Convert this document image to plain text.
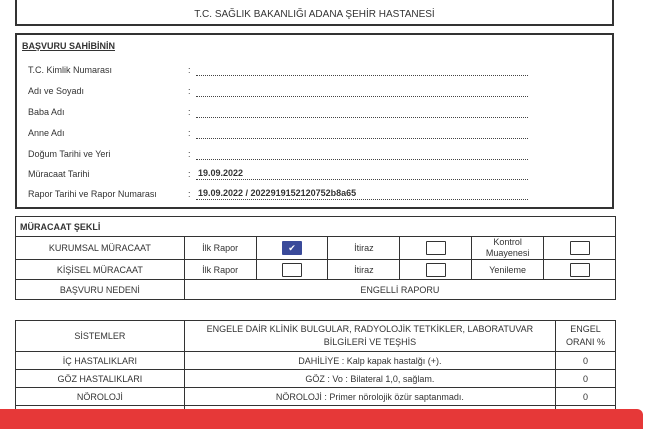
T.C. SAĞLIK BAKANLIĞI ADANA ŞEHİR HASTANESİ
BAŞVURU SAHİBİNİN
T.C. Kimlik Numarası	:
Adı ve Soyadı	:
Baba Adı	:
Anne Adı	:
Doğum Tarihi ve Yeri	:
Müracaat Tarihi	: 19.09.2022
Rapor Tarihi ve Rapor Numarası	: 19.09.2022 / 2022919152120752b8a65
MÜRACAAT ŞEKLİ						
KURUMSAL MÜRACAAT	İlk Rapor	✔	İtiraz		Kontrol Muayenesi	
KİŞİSEL MÜRACAAT	İlk Rapor		İtiraz		Yenileme	
BAŞVURU NEDENİ	ENGELLİ RAPORU					
SİSTEMLER	ENGELE DAİR KLİNİK BULGULAR, RADYOLOJİK TETKİKLER, LABORATUVAR BİLGİLERİ VE TEŞHİS	ENGEL ORANI %
İÇ HASTALIKLARI	DAHİLİYE : Kalp kapak hastalğı (+).	0
GÖZ HASTALIKLARI	GÖZ : Vo : Bilateral 1,0, sağlam.	0
NÖROLOJİ	NÖROLOJİ : Primer nörolojik özür saptanmadı.	0
